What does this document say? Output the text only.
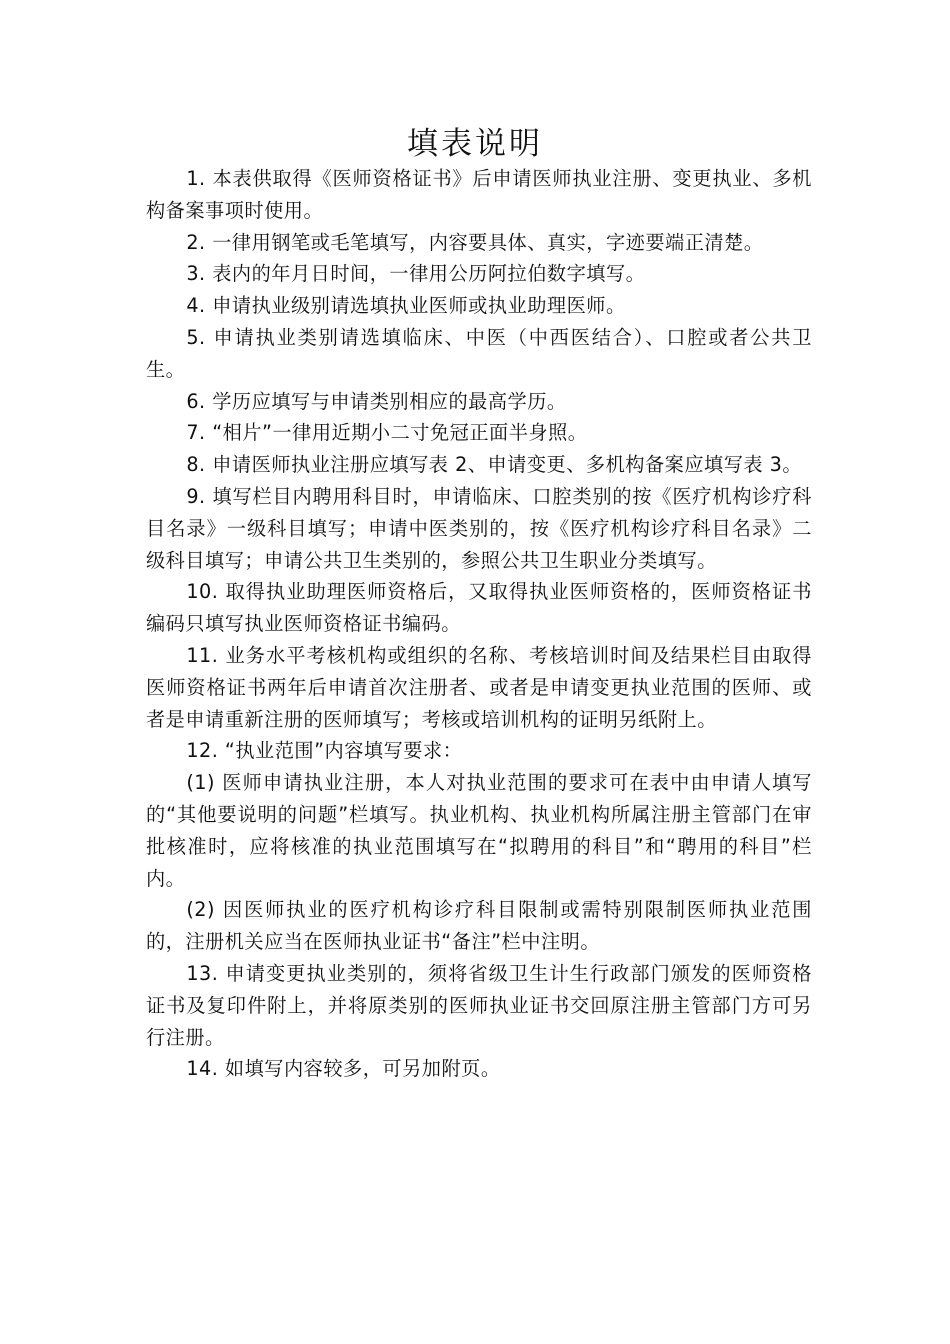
填表说明

1. 本表供取得《医师资格证书》后申请医师执业注册、变更执业、多机构备案事项时使用。

2. 一律用钢笔或毛笔填写，内容要具体、真实，字迹要端正清楚。

3. 表内的年月日时间，一律用公历阿拉伯数字填写。

4. 申请执业级别请选填执业医师或执业助理医师。

5. 申请执业类别请选填临床、中医（中西医结合）、口腔或者公共卫生。

6. 学历应填写与申请类别相应的最高学历。

7. “相片”一律用近期小二寸免冠正面半身照。

8. 申请医师执业注册应填写表 2、申请变更、多机构备案应填写表 3。

9. 填写栏目内聘用科目时，申请临床、口腔类别的按《医疗机构诊疗科目名录》一级科目填写；申请中医类别的，按《医疗机构诊疗科目名录》二级科目填写；申请公共卫生类别的，参照公共卫生职业分类填写。

10. 取得执业助理医师资格后，又取得执业医师资格的，医师资格证书编码只填写执业医师资格证书编码。

11. 业务水平考核机构或组织的名称、考核培训时间及结果栏目由取得医师资格证书两年后申请首次注册者、或者是申请变更执业范围的医师、或者是申请重新注册的医师填写；考核或培训机构的证明另纸附上。

12. “执业范围”内容填写要求：

(1) 医师申请执业注册，本人对执业范围的要求可在表中由申请人填写的“其他要说明的问题”栏填写。执业机构、执业机构所属注册主管部门在审批核准时，应将核准的执业范围填写在“拟聘用的科目”和“聘用的科目”栏内。

(2) 因医师执业的医疗机构诊疗科目限制或需特别限制医师执业范围的，注册机关应当在医师执业证书“备注”栏中注明。

13. 申请变更执业类别的，须将省级卫生计生行政部门颁发的医师资格证书及复印件附上，并将原类别的医师执业证书交回原注册主管部门方可另行注册。

14. 如填写内容较多，可另加附页。
